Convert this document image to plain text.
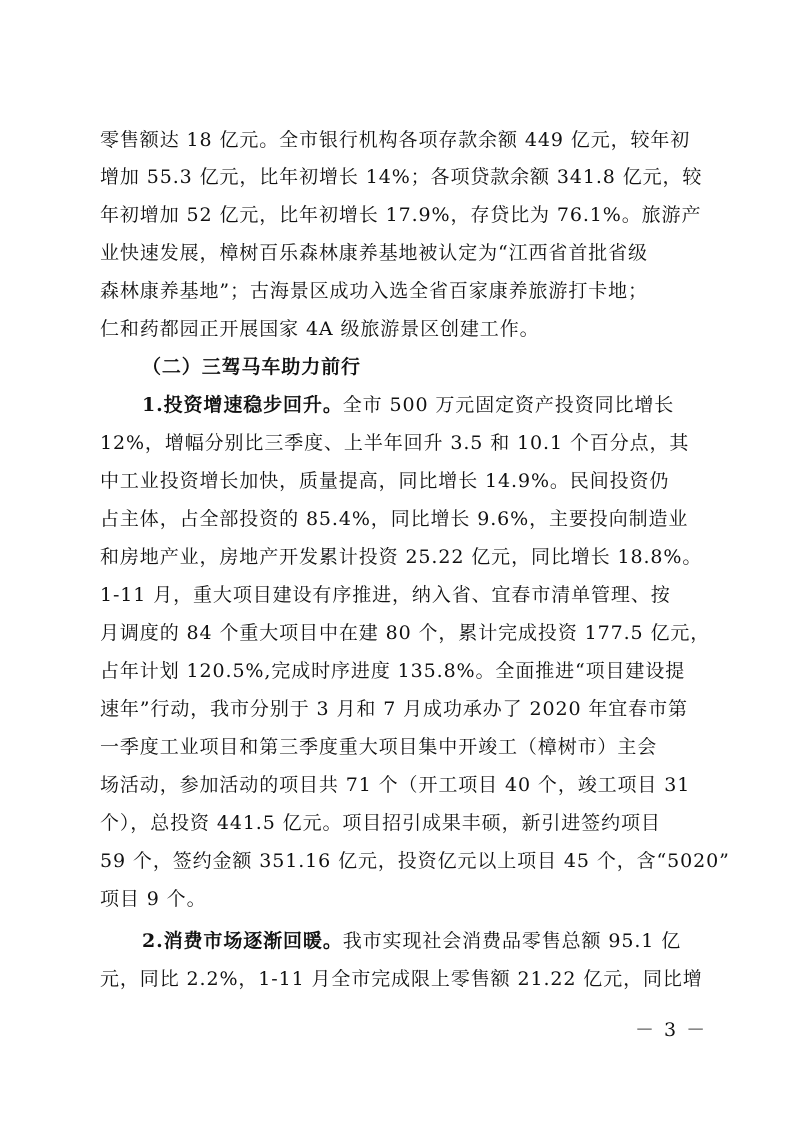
零售额达 18 亿元。全市银行机构各项存款余额 449 亿元，较年初
增加 55.3 亿元，比年初增长 14%；各项贷款余额 341.8 亿元，较
年初增加 52 亿元，比年初增长 17.9%，存贷比为 76.1%。旅游产
业快速发展，樟树百乐森林康养基地被认定为“江西省首批省级
森林康养基地”；古海景区成功入选全省百家康养旅游打卡地；
仁和药都园正开展国家 4A 级旅游景区创建工作。
（二）三驾马车助力前行
1.投资增速稳步回升。全市 500 万元固定资产投资同比增长
12%，增幅分别比三季度、上半年回升 3.5 和 10.1 个百分点，其
中工业投资增长加快，质量提高，同比增长 14.9%。民间投资仍
占主体，占全部投资的 85.4%，同比增长 9.6%，主要投向制造业
和房地产业，房地产开发累计投资 25.22 亿元，同比增长 18.8%。
1-11 月，重大项目建设有序推进，纳入省、宜春市清单管理、按
月调度的 84 个重大项目中在建 80 个，累计完成投资 177.5 亿元，
占年计划 120.5%,完成时序进度 135.8%。全面推进“项目建设提
速年”行动，我市分别于 3 月和 7 月成功承办了 2020 年宜春市第
一季度工业项目和第三季度重大项目集中开竣工（樟树市）主会
场活动，参加活动的项目共 71 个（开工项目 40 个，竣工项目 31
个），总投资 441.5 亿元。项目招引成果丰硕，新引进签约项目
59 个，签约金额 351.16 亿元，投资亿元以上项目 45 个，含“5020”
项目 9 个。
2.消费市场逐渐回暖。我市实现社会消费品零售总额 95.1 亿
元，同比 2.2%，1-11 月全市完成限上零售额 21.22 亿元，同比增
－ 3 －
